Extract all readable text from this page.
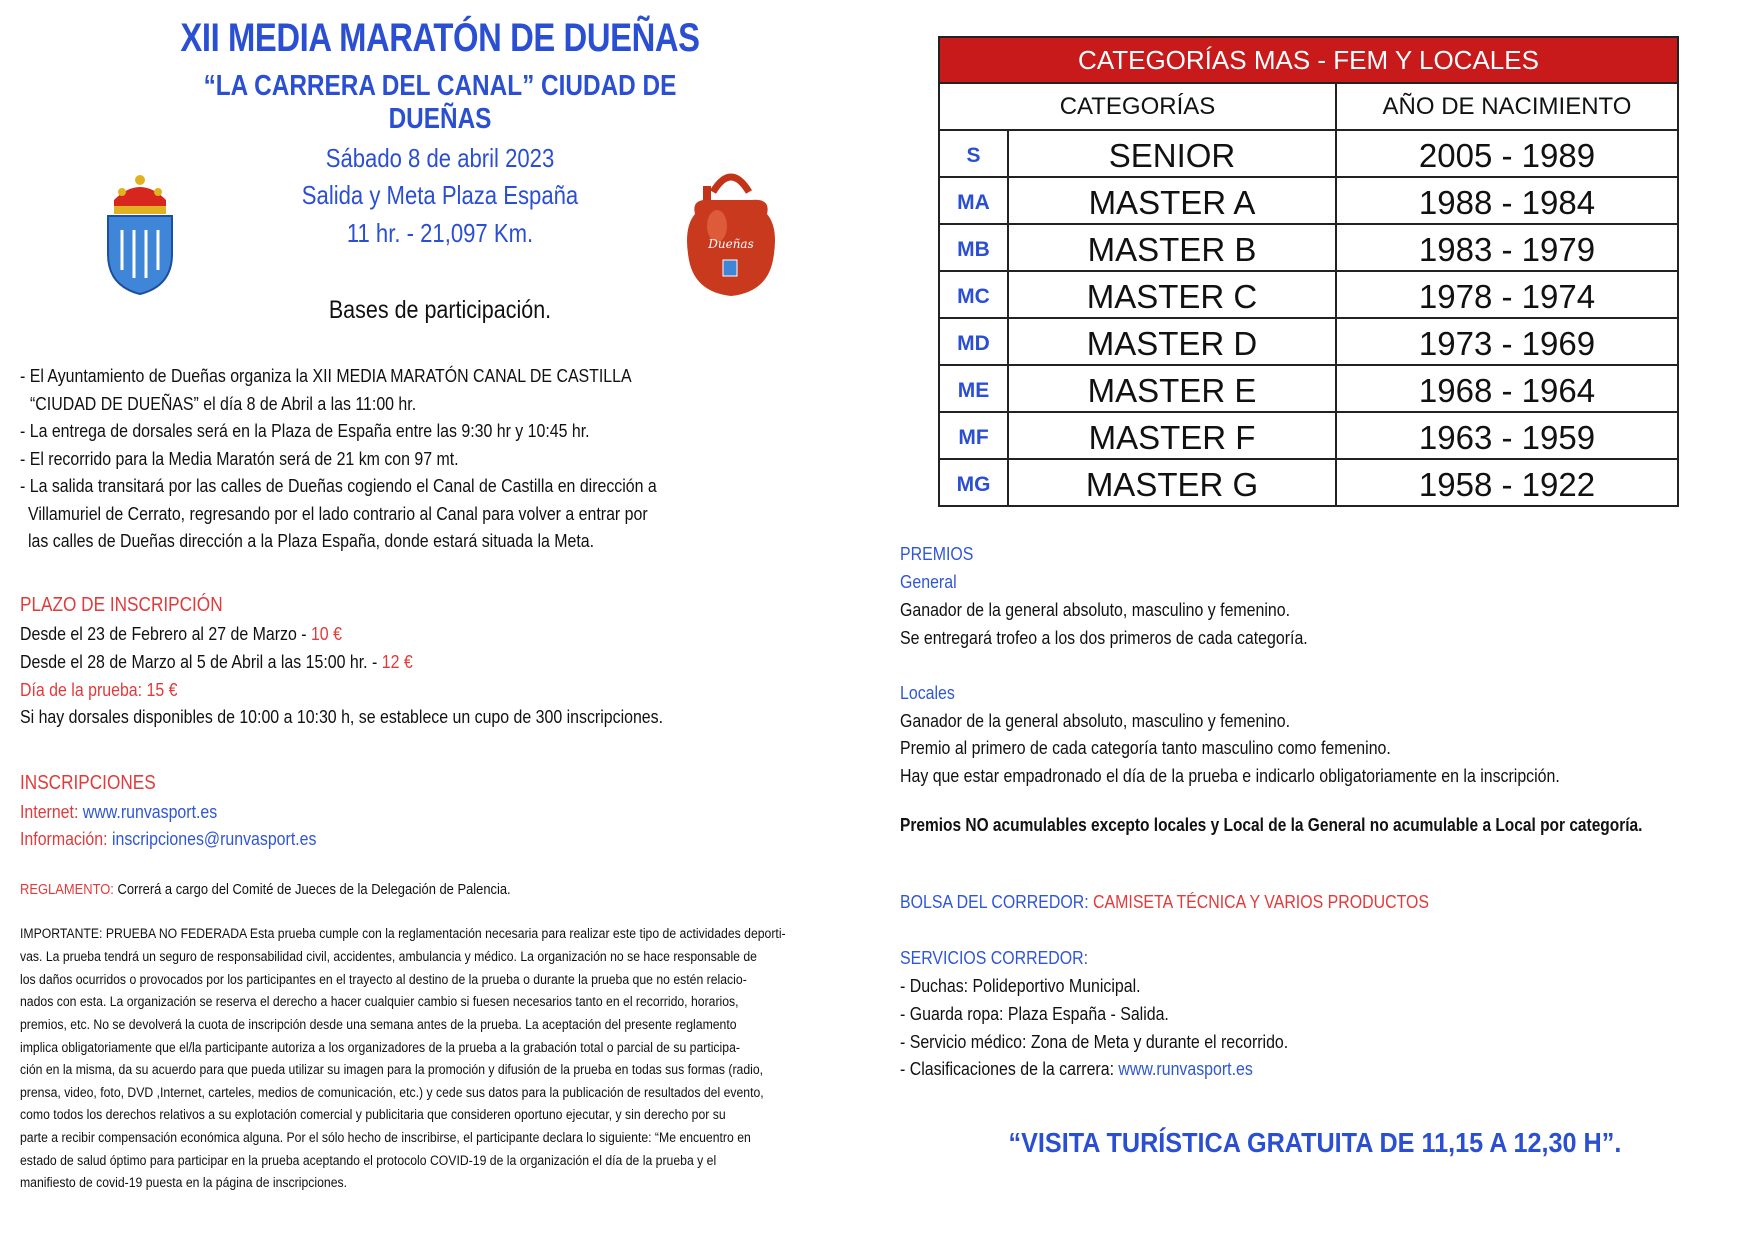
XII MEDIA MARATÓN DE DUEÑAS
“LA CARRERA DEL CANAL” CIUDAD DE DUEÑAS
Sábado 8 de abril 2023
Salida y Meta Plaza España
11 hr. - 21,097 Km.	Dueñas
Bases de participación.
- El Ayuntamiento de Dueñas organiza la XII MEDIA MARATÓN CANAL DE CASTILLA
“CIUDAD DE DUEÑAS” el día 8 de Abril a las 11:00 hr.
- La entrega de dorsales será en la Plaza de España entre las 9:30 hr y 10:45 hr.
- El recorrido para la Media Maratón será de 21 km con 97 mt.
- La salida transitará por las calles de Dueñas cogiendo el Canal de Castilla en dirección a
Villamuriel de Cerrato, regresando por el lado contrario al Canal para volver a entrar por
las calles de Dueñas dirección a la Plaza España, donde estará situada la Meta.
PLAZO DE INSCRIPCIÓN
Desde el 23 de Febrero al 27 de Marzo - 10 €
Desde el 28 de Marzo al 5 de Abril a las 15:00 hr. - 12 €
Día de la prueba: 15 €
Si hay dorsales disponibles de 10:00 a 10:30 h, se establece un cupo de 300 inscripciones.
INSCRIPCIONES
Internet: www.runvasport.es
Información: inscripciones@runvasport.es
REGLAMENTO: Correrá a cargo del Comité de Jueces de la Delegación de Palencia.
IMPORTANTE: PRUEBA NO FEDERADA Esta prueba cumple con la reglamentación necesaria para realizar este tipo de actividades deporti-
vas. La prueba tendrá un seguro de responsabilidad civil, accidentes, ambulancia y médico. La organización no se hace responsable de
los daños ocurridos o provocados por los participantes en el trayecto al destino de la prueba o durante la prueba que no estén relacio-
nados con esta. La organización se reserva el derecho a hacer cualquier cambio si fuesen necesarios tanto en el recorrido, horarios,
premios, etc. No se devolverá la cuota de inscripción desde una semana antes de la prueba. La aceptación del presente reglamento
implica obligatoriamente que el/la participante autoriza a los organizadores de la prueba a la grabación total o parcial de su participa-
ción en la misma, da su acuerdo para que pueda utilizar su imagen para la promoción y difusión de la prueba en todas sus formas (radio,
prensa, video, foto, DVD ,Internet, carteles, medios de comunicación, etc.) y cede sus datos para la publicación de resultados del evento,
como todos los derechos relativos a su explotación comercial y publicitaria que consideren oportuno ejecutar, y sin derecho por su
parte a recibir compensación económica alguna. Por el sólo hecho de inscribirse, el participante declara lo siguiente: “Me encuentro en
estado de salud óptimo para participar en la prueba aceptando el protocolo COVID-19 de la organización el día de la prueba y el
manifiesto de covid-19 puesta en la página de inscripciones.
CATEGORÍAS MAS - FEM Y LOCALES
CATEGORÍAS	AÑO DE NACIMIENTO
S	SENIOR	2005 - 1989
MA	MASTER A	1988 - 1984
MB	MASTER B	1983 - 1979
MC	MASTER C	1978 - 1974
MD	MASTER D	1973 - 1969
ME	MASTER E	1968 - 1964
MF	MASTER F	1963 - 1959
MG	MASTER G	1958 - 1922
PREMIOS
General
Ganador de la general absoluto, masculino y femenino.
Se entregará trofeo a los dos primeros de cada categoría.
Locales
Ganador de la general absoluto, masculino y femenino.
Premio al primero de cada categoría tanto masculino como femenino.
Hay que estar empadronado el día de la prueba e indicarlo obligatoriamente en la inscripción.
Premios NO acumulables excepto locales y Local de la General no acumulable a Local por categoría.
BOLSA DEL CORREDOR: CAMISETA TÉCNICA Y VARIOS PRODUCTOS
SERVICIOS CORREDOR:
- Duchas: Polideportivo Municipal.
- Guarda ropa: Plaza España - Salida.
- Servicio médico: Zona de Meta y durante el recorrido.
- Clasificaciones de la carrera: www.runvasport.es
“VISITA TURÍSTICA GRATUITA DE 11,15 A 12,30 H”.
